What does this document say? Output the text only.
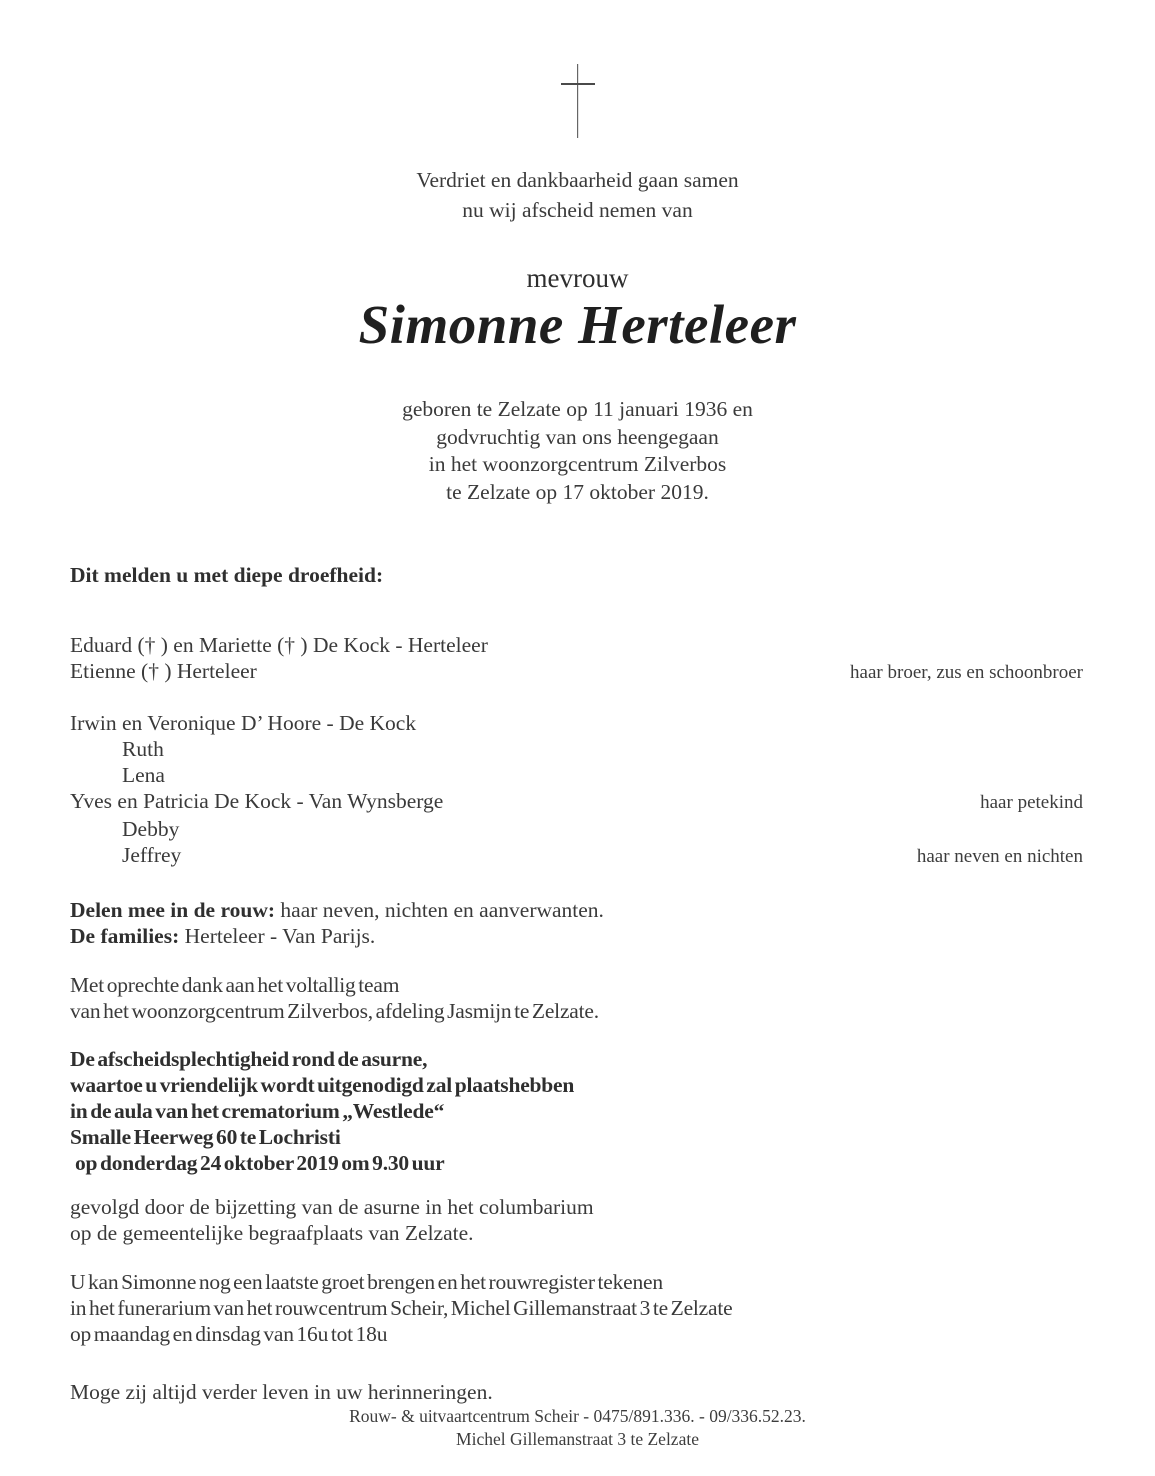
Verdriet en dankbaarheid gaan samen
nu wij afscheid nemen van
mevrouw
Simonne Herteleer
geboren te Zelzate op 11 januari 1936 en
godvruchtig van ons heengegaan
in het woonzorgcentrum Zilverbos
te Zelzate op 17 oktober 2019.
Dit melden u met diepe droefheid:
Eduard († ) en Mariette († ) De Kock - Herteleer
Etienne († ) Herteleer	haar broer, zus en schoonbroer
Irwin en Veronique D’ Hoore - De Kock
Ruth
Lena
Yves en Patricia De Kock - Van Wynsberge	haar petekind
Debby
Jeffrey	haar neven en nichten
Delen mee in de rouw: haar neven, nichten en aanverwanten.
De families: Herteleer - Van Parijs.
Met oprechte dank aan het voltallig team
van het woonzorgcentrum Zilverbos, afdeling Jasmijn te Zelzate.
De afscheidsplechtigheid rond de asurne,
waartoe u vriendelijk wordt uitgenodigd zal plaatshebben
in de aula van het crematorium „Westlede“
Smalle Heerweg 60 te Lochristi
op donderdag 24 oktober 2019 om 9.30 uur
gevolgd door de bijzetting van de asurne in het columbarium
op de gemeentelijke begraafplaats van Zelzate.
U kan Simonne nog een laatste groet brengen en het rouwregister tekenen
in het funerarium van het rouwcentrum Scheir, Michel Gillemanstraat 3 te Zelzate
op maandag en dinsdag van 16u tot 18u
Moge zij altijd verder leven in uw herinneringen.
Rouw- & uitvaartcentrum Scheir - 0475/891.336. - 09/336.52.23.
Michel Gillemanstraat 3 te Zelzate
